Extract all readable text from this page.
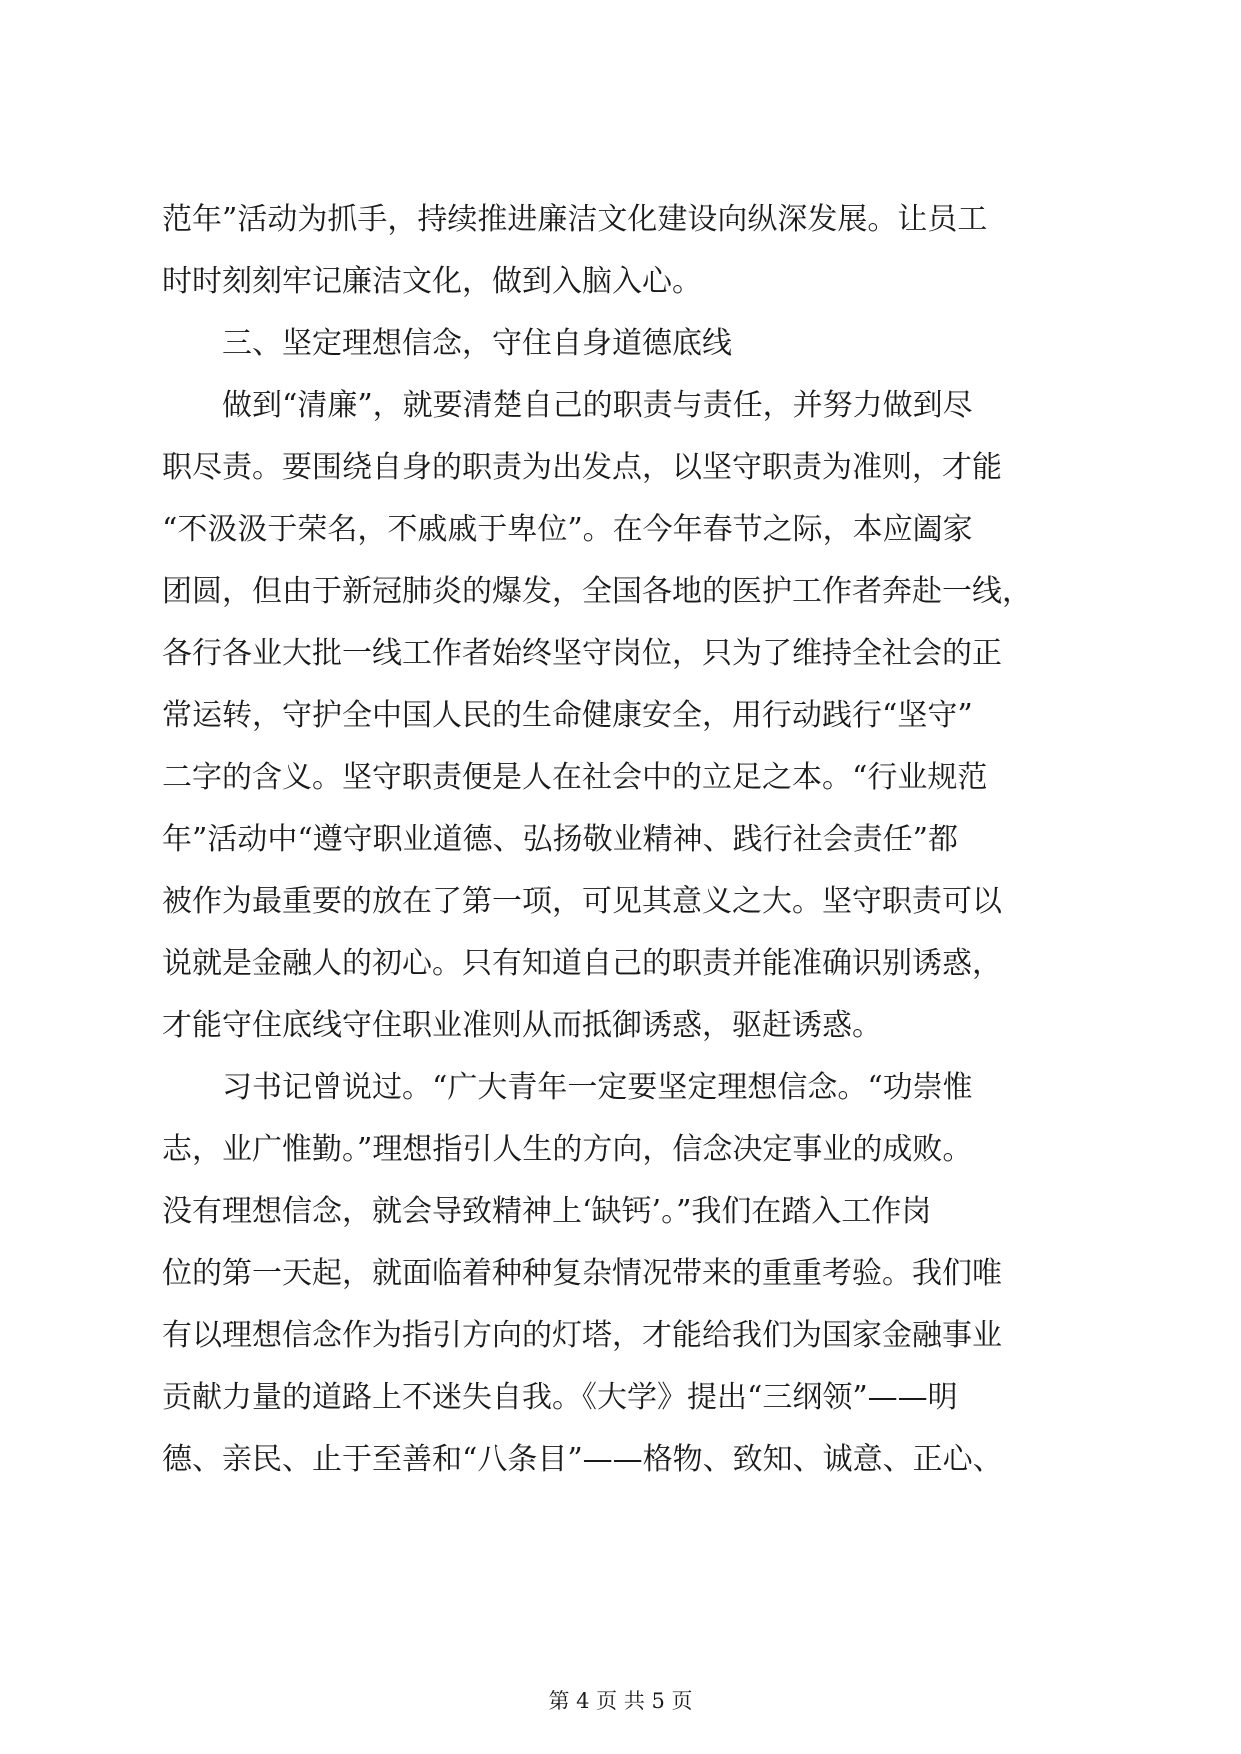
范年”活动为抓手，持续推进廉洁文化建设向纵深发展。让员工
时时刻刻牢记廉洁文化，做到入脑入心。
　　三、坚定理想信念，守住自身道德底线
　　做到“清廉”，就要清楚自己的职责与责任，并努力做到尽
职尽责。要围绕自身的职责为出发点，以坚守职责为准则，才能
“不汲汲于荣名，不戚戚于卑位”。在今年春节之际，本应阖家
团圆，但由于新冠肺炎的爆发，全国各地的医护工作者奔赴一线，
各行各业大批一线工作者始终坚守岗位，只为了维持全社会的正
常运转，守护全中国人民的生命健康安全，用行动践行“坚守”
二字的含义。坚守职责便是人在社会中的立足之本。“行业规范
年”活动中“遵守职业道德、弘扬敬业精神、践行社会责任”都
被作为最重要的放在了第一项，可见其意义之大。坚守职责可以
说就是金融人的初心。只有知道自己的职责并能准确识别诱惑，
才能守住底线守住职业准则从而抵御诱惑，驱赶诱惑。
　　习书记曾说过。“广大青年一定要坚定理想信念。“功崇惟
志，业广惟勤。”理想指引人生的方向，信念决定事业的成败。
没有理想信念，就会导致精神上‘缺钙’。”我们在踏入工作岗
位的第一天起，就面临着种种复杂情况带来的重重考验。我们唯
有以理想信念作为指引方向的灯塔，才能给我们为国家金融事业
贡献力量的道路上不迷失自我。《大学》提出“三纲领”——明
德、亲民、止于至善和“八条目”——格物、致知、诚意、正心、
第 4 页 共 5 页
